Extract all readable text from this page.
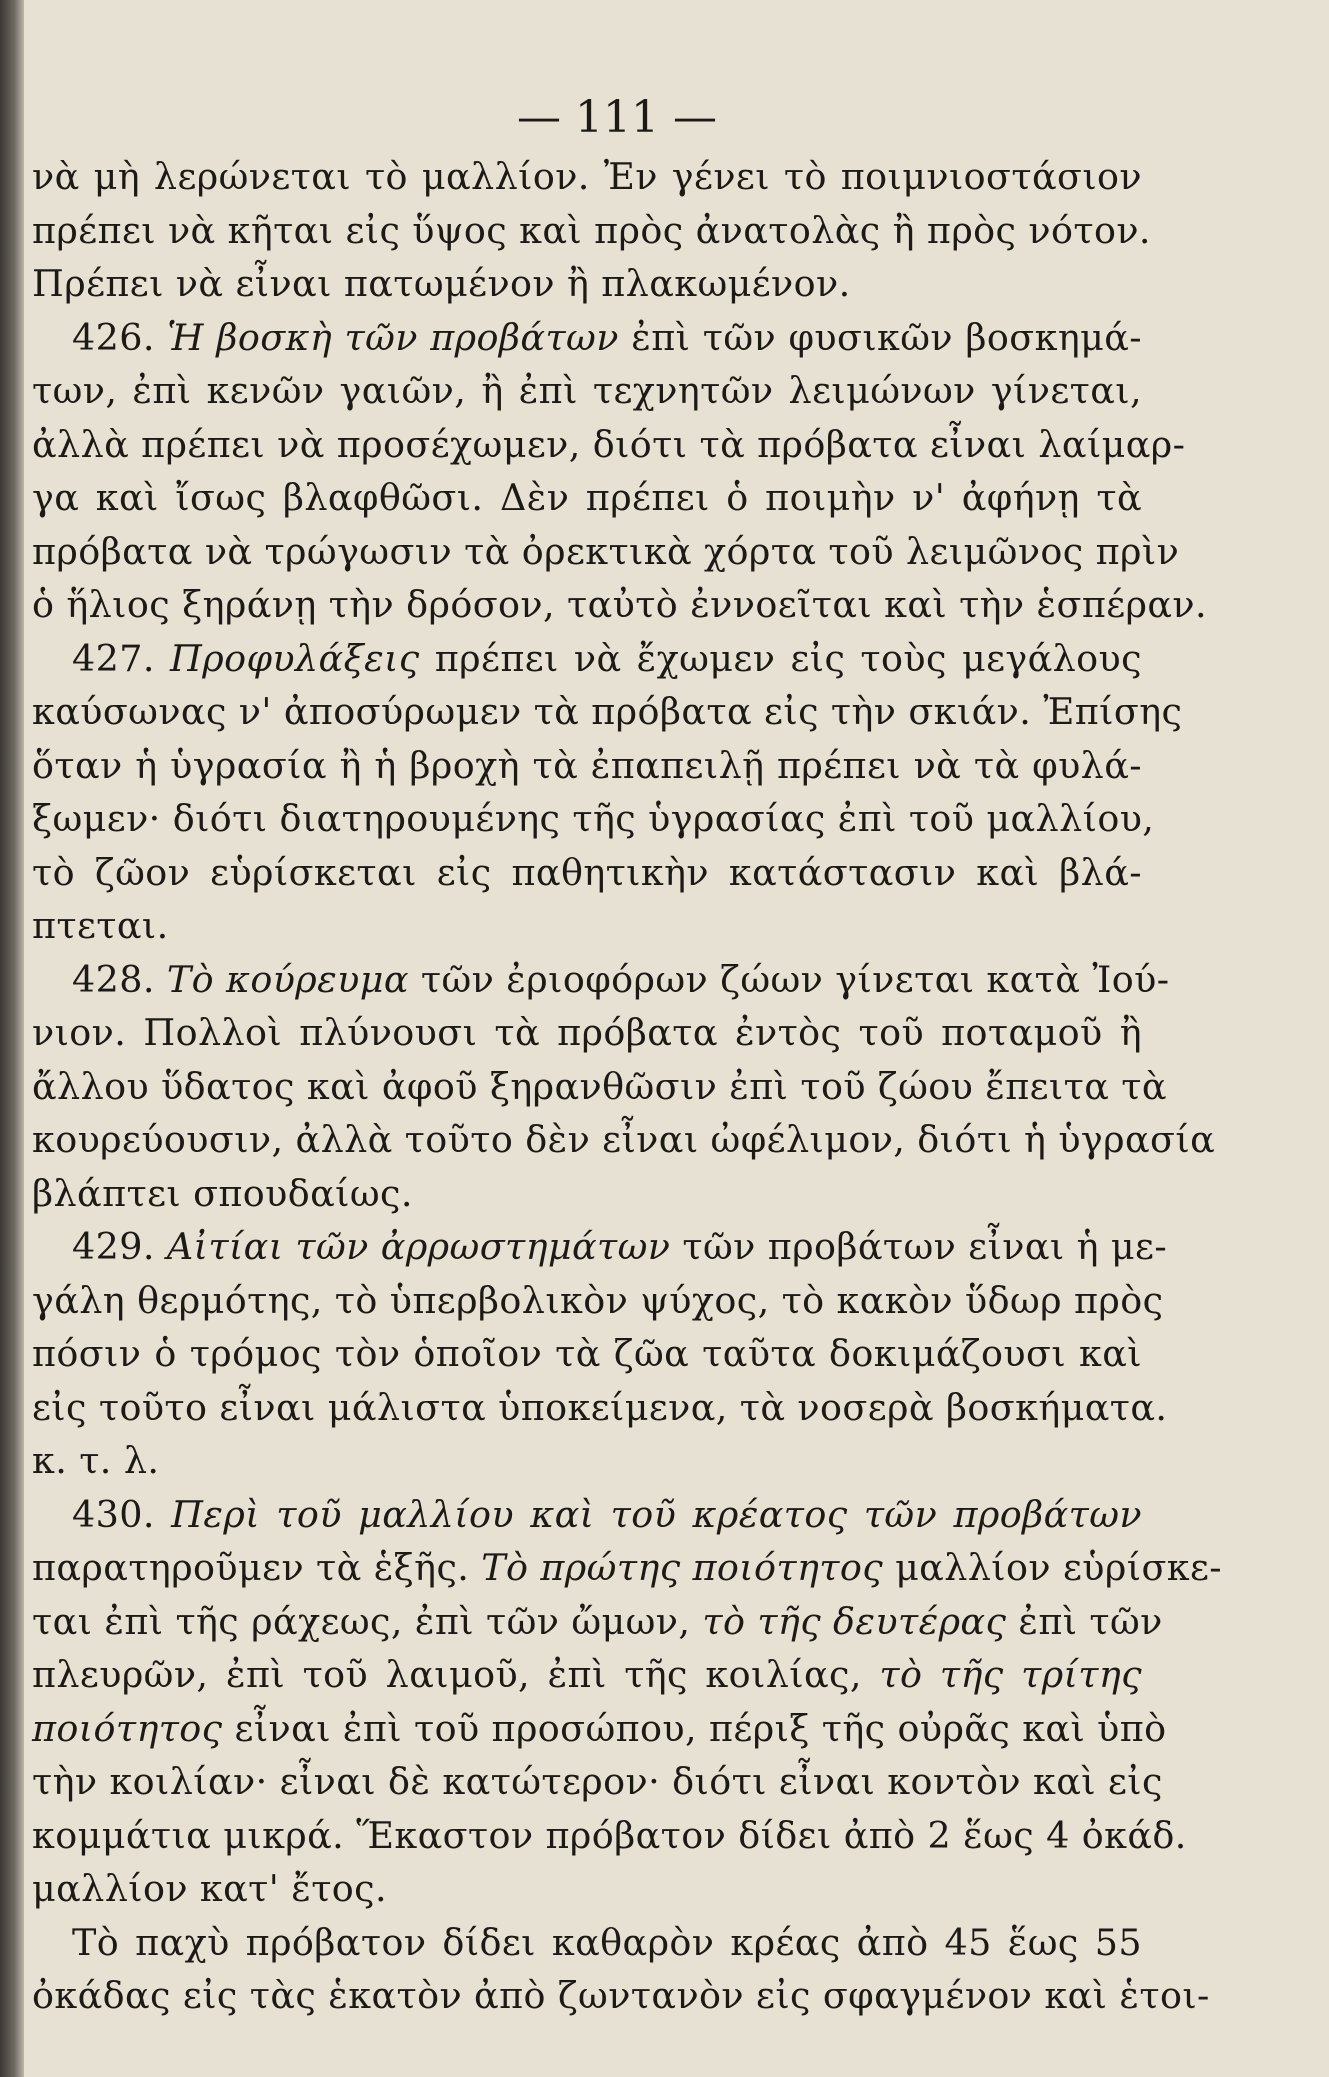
— 111 —
νὰ μὴ λερώνεται τὸ μαλλίον. Ἐν γένει τὸ ποιμνιοστάσιον
πρέπει νὰ κῆται εἰς ὕψος καὶ πρὸς ἀνατολὰς ἢ πρὸς νότον.
Πρέπει νὰ εἶναι πατωμένον ἢ πλακωμένον.
426. Ἡ βοσκὴ τῶν προβάτων ἐπὶ τῶν φυσικῶν βοσκημά-
των, ἐπὶ κενῶν γαιῶν, ἢ ἐπὶ τεχνητῶν λειμώνων γίνεται,
ἀλλὰ πρέπει νὰ προσέχωμεν, διότι τὰ πρόβατα εἶναι λαίμαρ-
γα καὶ ἴσως βλαφθῶσι. Δὲν πρέπει ὁ ποιμὴν ν' ἀφήνῃ τὰ
πρόβατα νὰ τρώγωσιν τὰ ὀρεκτικὰ χόρτα τοῦ λειμῶνος πρὶν
ὁ ἥλιος ξηράνῃ τὴν δρόσον, ταὐτὸ ἐννοεῖται καὶ τὴν ἑσπέραν.
427. Προφυλάξεις πρέπει νὰ ἔχωμεν εἰς τοὺς μεγάλους
καύσωνας ν' ἀποσύρωμεν τὰ πρόβατα εἰς τὴν σκιάν. Ἐπίσης
ὅταν ἡ ὑγρασία ἢ ἡ βροχὴ τὰ ἐπαπειλῇ πρέπει νὰ τὰ φυλά-
ξωμεν· διότι διατηρουμένης τῆς ὑγρασίας ἐπὶ τοῦ μαλλίου,
τὸ ζῶον εὑρίσκεται εἰς παθητικὴν κατάστασιν καὶ βλά-
πτεται.
428. Τὸ κούρευμα τῶν ἐριοφόρων ζώων γίνεται κατὰ Ἰού-
νιον. Πολλοὶ πλύνουσι τὰ πρόβατα ἐντὸς τοῦ ποταμοῦ ἢ
ἄλλου ὕδατος καὶ ἀφοῦ ξηρανθῶσιν ἐπὶ τοῦ ζώου ἔπειτα τὰ
κουρεύουσιν, ἀλλὰ τοῦτο δὲν εἶναι ὠφέλιμον, διότι ἡ ὑγρασία
βλάπτει σπουδαίως.
429. Αἰτίαι τῶν ἀρρωστημάτων τῶν προβάτων εἶναι ἡ με-
γάλη θερμότης, τὸ ὑπερβολικὸν ψύχος, τὸ κακὸν ὕδωρ πρὸς
πόσιν ὁ τρόμος τὸν ὁποῖον τὰ ζῶα ταῦτα δοκιμάζουσι καὶ
εἰς τοῦτο εἶναι μάλιστα ὑποκείμενα, τὰ νοσερὰ βοσκήματα.
κ. τ. λ.
430. Περὶ τοῦ μαλλίου καὶ τοῦ κρέατος τῶν προβάτων
παρατηροῦμεν τὰ ἑξῆς. Τὸ πρώτης ποιότητος μαλλίον εὑρίσκε-
ται ἐπὶ τῆς ράχεως, ἐπὶ τῶν ὤμων, τὸ τῆς δευτέρας ἐπὶ τῶν
πλευρῶν, ἐπὶ τοῦ λαιμοῦ, ἐπὶ τῆς κοιλίας, τὸ τῆς τρίτης
ποιότητος εἶναι ἐπὶ τοῦ προσώπου, πέριξ τῆς οὐρᾶς καὶ ὑπὸ
τὴν κοιλίαν· εἶναι δὲ κατώτερον· διότι εἶναι κοντὸν καὶ εἰς
κομμάτια μικρά. Ἕκαστον πρόβατον δίδει ἀπὸ 2 ἕως 4 ὀκάδ.
μαλλίον κατ' ἔτος.
Τὸ παχὺ πρόβατον δίδει καθαρὸν κρέας ἀπὸ 45 ἕως 55
ὀκάδας εἰς τὰς ἑκατὸν ἀπὸ ζωντανὸν εἰς σφαγμένον καὶ ἑτοι-
